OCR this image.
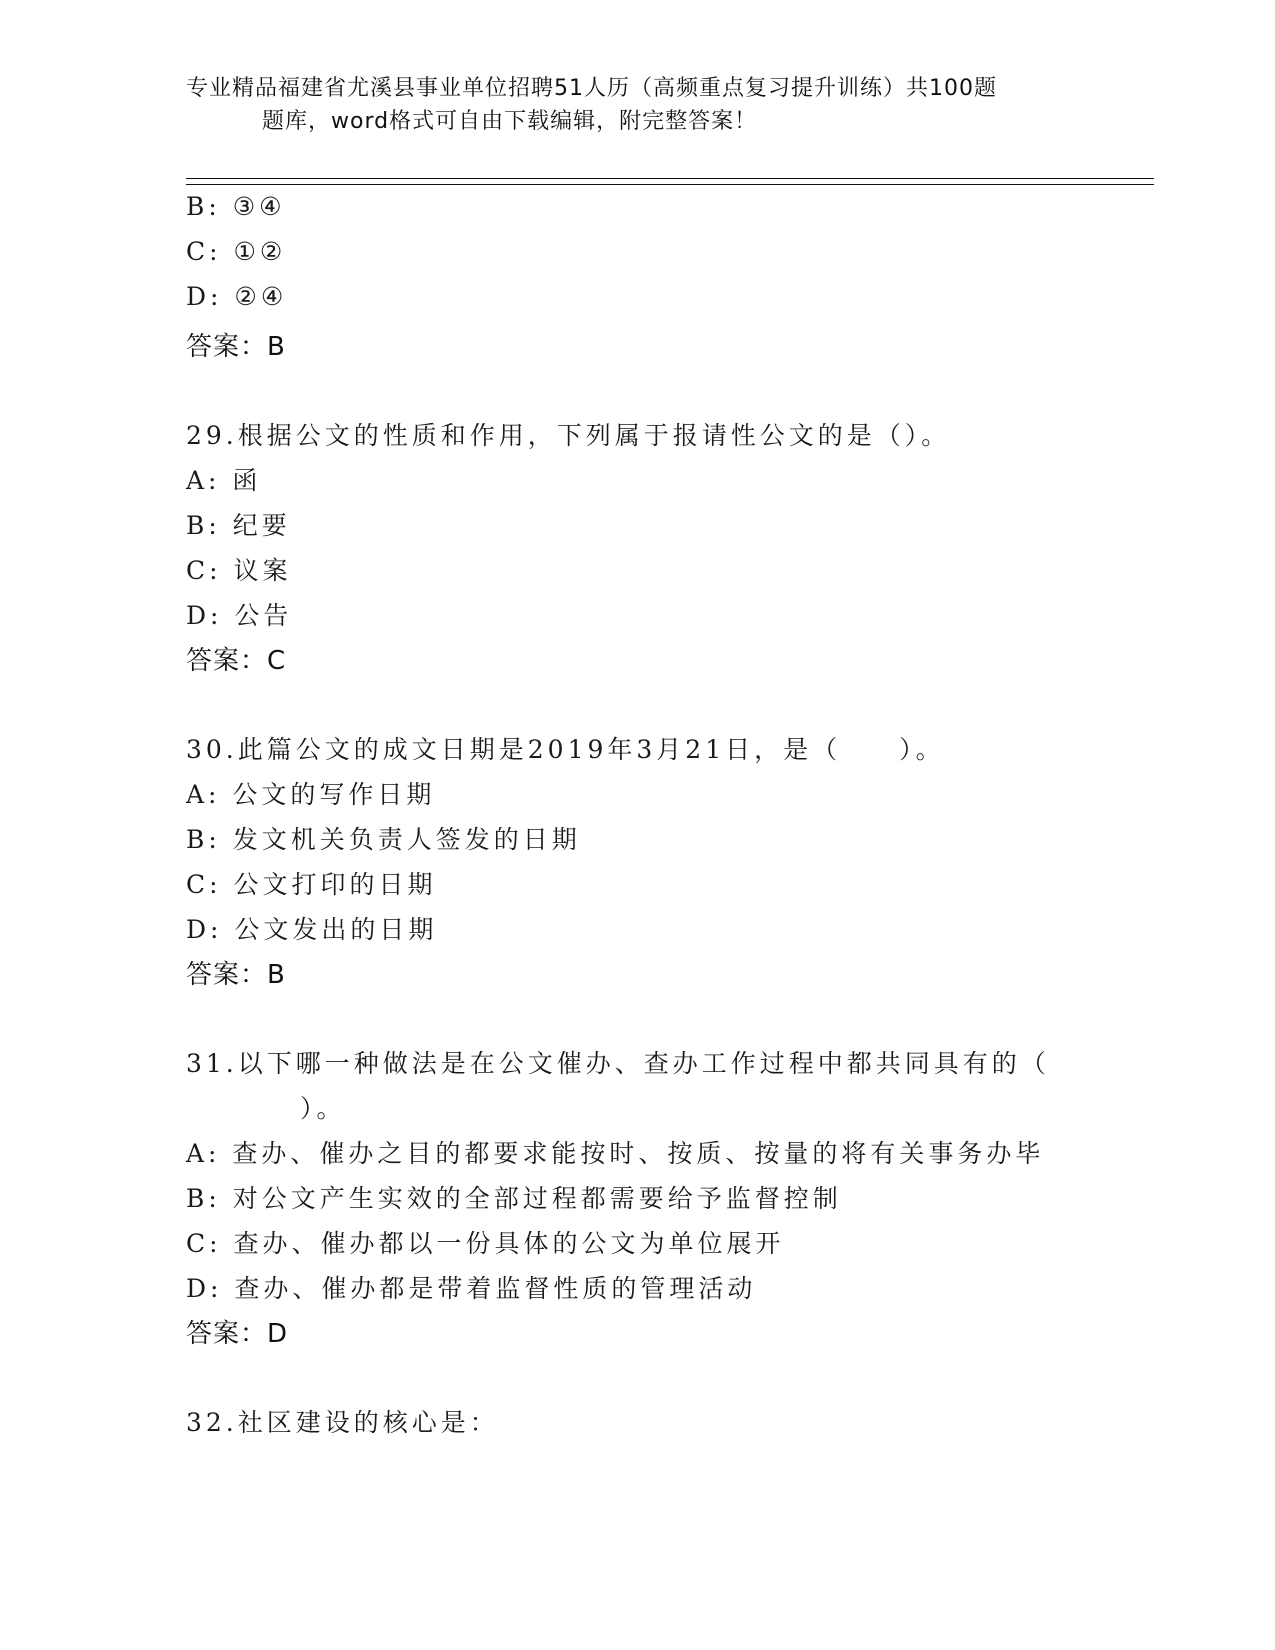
专业精品福建省尤溪县事业单位招聘51人历（高频重点复习提升训练）共100题
题库，word格式可自由下载编辑，附完整答案！
B: ③④
C: ①②
D: ②④
答案：B
29.根据公文的性质和作用，下列属于报请性公文的是（）。
A: 函
B: 纪要
C: 议案
D: 公告
答案：C
30.此篇公文的成文日期是2019年3月21日，是（　　）。
A: 公文的写作日期
B: 发文机关负责人签发的日期
C: 公文打印的日期
D: 公文发出的日期
答案：B
31.以下哪一种做法是在公文催办、查办工作过程中都共同具有的（
）。
A: 查办、催办之目的都要求能按时、按质、按量的将有关事务办毕
B: 对公文产生实效的全部过程都需要给予监督控制
C: 查办、催办都以一份具体的公文为单位展开
D: 查办、催办都是带着监督性质的管理活动
答案：D
32.社区建设的核心是：
